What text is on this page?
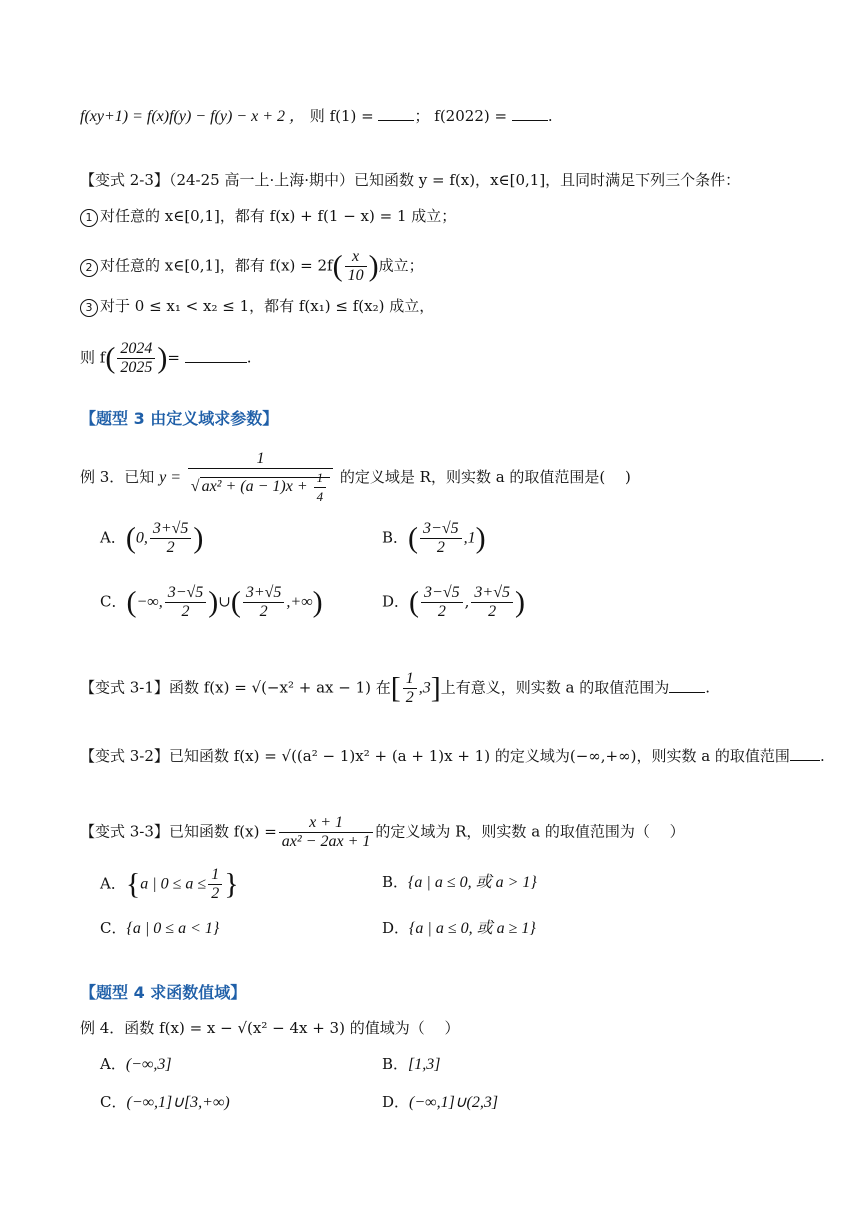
f(xy+1) = f(x)f(y) − f(y) − x + 2 ， 则 f(1) =	； f(2022) =	.
【变式 2-3】（24-25 高一上·上海·期中）已知函数 y = f(x)，x∈[0,1]，且同时满足下列三个条件：
1 对任意的 x∈[0,1]，都有 f(x) + f(1 − x) = 1 成立；
2 对任意的 x∈[0,1]，都有 $f(x) = 2f( \frac{x}{10}$ )成立；
3 对于 0 ≤ x₁ < x₂ ≤ 1，都有 f(x₁) ≤ f(x₂) 成立，
则 $f( \frac{2024}{2025}$ )=	.
【题型 3 由定义域求参数】
例 3．已知 $y = \frac{1}{√ ax^2 + (a - 1)x + \frac{1}{4}}$ 的定义域是 R，则实数 a 的取值范围是(　 )
A．(0, $\frac{3+√5}{2}$ )	B．( $\frac{3-√5}{2} ,1$)
C．(−∞, $\frac{3-√5}{2}$ )∪( $\frac{3+√5}{2}$ ,+∞)	D．( $\frac{3-√5}{2}$ , $\frac{3+√5}{2}$ )
【变式 3-1】函数 f(x) = √(−x² + ax − 1) 在[ $\frac{1}{2} ,3$]上有意义，则实数 a 的取值范围为 .
【变式 3-2】已知函数 f(x) = √((a² − 1)x² + (a + 1)x + 1) 的定义域为(−∞,+∞)，则实数 a 的取值范围 .
【变式 3-3】已知函数 $f(x) = \frac{x + 1}{\text{ax² − 2ax + 1}}$ 的定义域为 R，则实数 a 的取值范围为（　 ）
A．{a | $0 \le a \le \frac{1}{2}$ }	B．{a | a ≤ 0, 或 a > 1}
C．{a | 0 ≤ a < 1}	D．{a | a ≤ 0, 或 a ≥ 1}
【题型 4 求函数值域】
例 4．函数 f(x) = x − √(x² − 4x + 3) 的值域为（　 ）
A．(−∞,3]	B．[1,3]
C．(−∞,1]∪[3,+∞)	D．(−∞,1]∪(2,3]
